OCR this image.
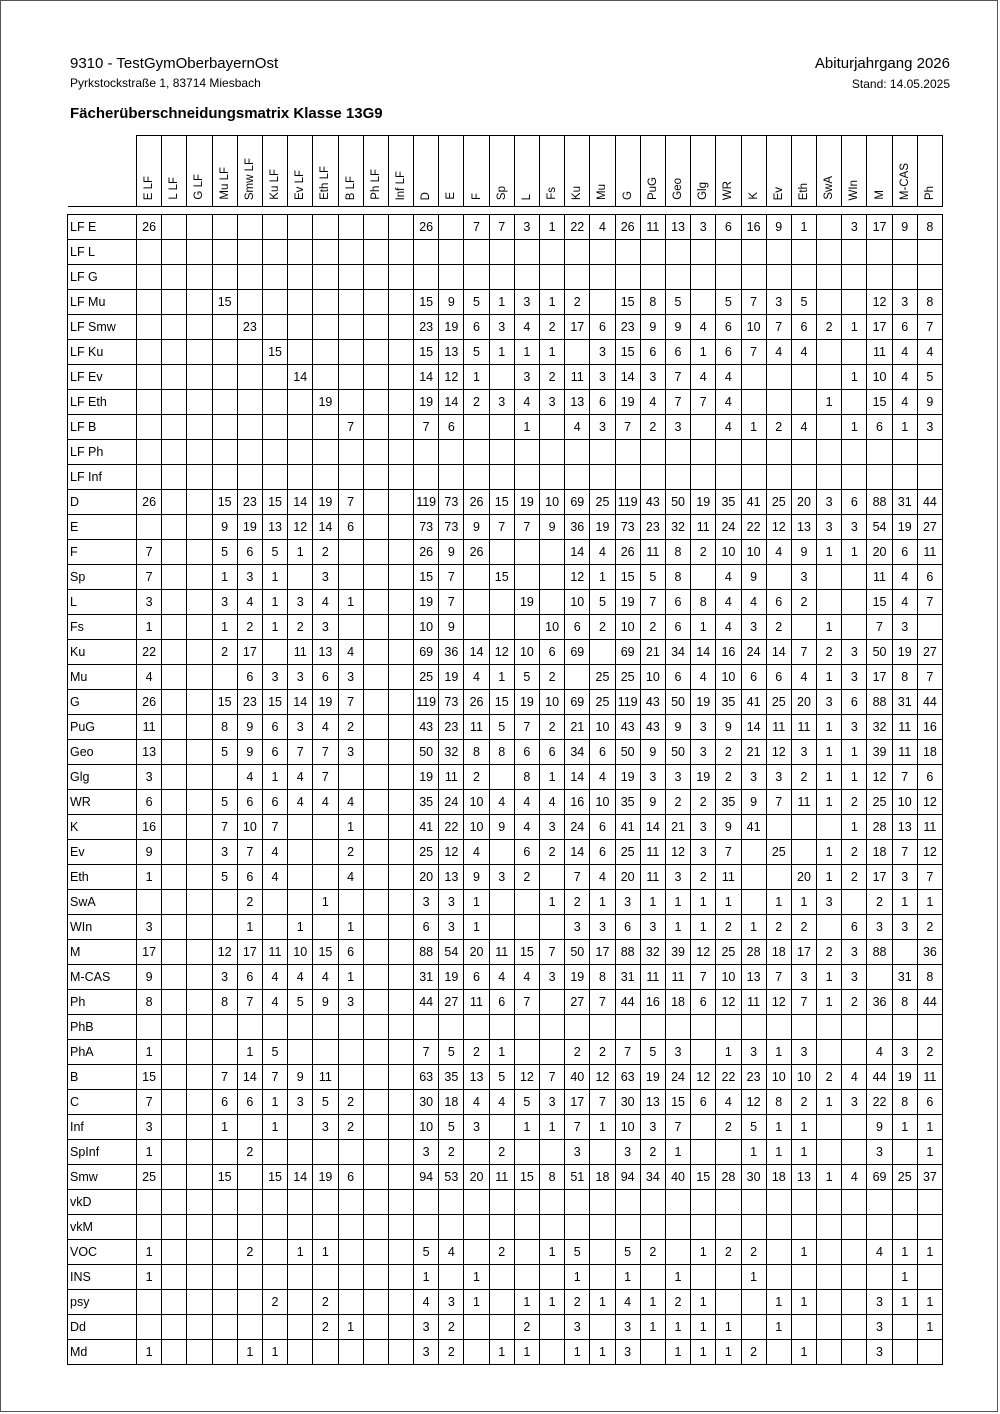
9310 - TestGymOberbayernOst
Pyrkstockstraße 1, 83714 Miesbach
Abiturjahrgang 2026
Stand: 14.05.2025
Fächerüberschneidungsmatrix Klasse 13G9
	E LF	L LF	G LF	Mu LF	Smw LF	Ku LF	Ev LF	Eth LF	B LF	Ph LF	Inf LF	D	E	F	Sp	L	Fs	Ku	Mu	G	PuG	Geo	Glg	WR	K	Ev	Eth	SwA	WIn	M	M-CAS	Ph

LF E	26											26		7	7	3	1	22	4	26	11	13	3	6	16	9	1		3	17	9	8
LF L																																
LF G																																
LF Mu				15								15	9	5	1	3	1	2		15	8	5		5	7	3	5			12	3	8
LF Smw					23							23	19	6	3	4	2	17	6	23	9	9	4	6	10	7	6	2	1	17	6	7
LF Ku						15						15	13	5	1	1	1		3	15	6	6	1	6	7	4	4			11	4	4
LF Ev							14					14	12	1		3	2	11	3	14	3	7	4	4					1	10	4	5
LF Eth								19				19	14	2	3	4	3	13	6	19	4	7	7	4				1		15	4	9
LF B									7			7	6			1		4	3	7	2	3		4	1	2	4		1	6	1	3
LF Ph																																
LF Inf																																
D	26			15	23	15	14	19	7			119	73	26	15	19	10	69	25	119	43	50	19	35	41	25	20	3	6	88	31	44
E				9	19	13	12	14	6			73	73	9	7	7	9	36	19	73	23	32	11	24	22	12	13	3	3	54	19	27
F	7			5	6	5	1	2				26	9	26				14	4	26	11	8	2	10	10	4	9	1	1	20	6	11
Sp	7			1	3	1		3				15	7		15			12	1	15	5	8		4	9		3			11	4	6
L	3			3	4	1	3	4	1			19	7			19		10	5	19	7	6	8	4	4	6	2			15	4	7
Fs	1			1	2	1	2	3				10	9				10	6	2	10	2	6	1	4	3	2		1		7	3	
Ku	22			2	17		11	13	4			69	36	14	12	10	6	69		69	21	34	14	16	24	14	7	2	3	50	19	27
Mu	4				6	3	3	6	3			25	19	4	1	5	2		25	25	10	6	4	10	6	6	4	1	3	17	8	7
G	26			15	23	15	14	19	7			119	73	26	15	19	10	69	25	119	43	50	19	35	41	25	20	3	6	88	31	44
PuG	11			8	9	6	3	4	2			43	23	11	5	7	2	21	10	43	43	9	3	9	14	11	11	1	3	32	11	16
Geo	13			5	9	6	7	7	3			50	32	8	8	6	6	34	6	50	9	50	3	2	21	12	3	1	1	39	11	18
Glg	3				4	1	4	7				19	11	2		8	1	14	4	19	3	3	19	2	3	3	2	1	1	12	7	6
WR	6			5	6	6	4	4	4			35	24	10	4	4	4	16	10	35	9	2	2	35	9	7	11	1	2	25	10	12
K	16			7	10	7			1			41	22	10	9	4	3	24	6	41	14	21	3	9	41				1	28	13	11
Ev	9			3	7	4			2			25	12	4		6	2	14	6	25	11	12	3	7		25		1	2	18	7	12
Eth	1			5	6	4			4			20	13	9	3	2		7	4	20	11	3	2	11			20	1	2	17	3	7
SwA					2			1				3	3	1			1	2	1	3	1	1	1	1		1	1	3		2	1	1
WIn	3				1		1		1			6	3	1				3	3	6	3	1	1	2	1	2	2		6	3	3	2
M	17			12	17	11	10	15	6			88	54	20	11	15	7	50	17	88	32	39	12	25	28	18	17	2	3	88		36
M-CAS	9			3	6	4	4	4	1			31	19	6	4	4	3	19	8	31	11	11	7	10	13	7	3	1	3		31	8
Ph	8			8	7	4	5	9	3			44	27	11	6	7		27	7	44	16	18	6	12	11	12	7	1	2	36	8	44
PhB																																
PhA	1				1	5						7	5	2	1			2	2	7	5	3		1	3	1	3			4	3	2
B	15			7	14	7	9	11				63	35	13	5	12	7	40	12	63	19	24	12	22	23	10	10	2	4	44	19	11
C	7			6	6	1	3	5	2			30	18	4	4	5	3	17	7	30	13	15	6	4	12	8	2	1	3	22	8	6
Inf	3			1		1		3	2			10	5	3		1	1	7	1	10	3	7		2	5	1	1			9	1	1
SpInf	1				2							3	2		2			3		3	2	1			1	1	1			3		1
Smw	25			15		15	14	19	6			94	53	20	11	15	8	51	18	94	34	40	15	28	30	18	13	1	4	69	25	37
vkD																																
vkM																																
VOC	1				2		1	1				5	4		2		1	5		5	2		1	2	2		1			4	1	1
INS	1											1		1				1		1		1			1						1	
psy						2		2				4	3	1		1	1	2	1	4	1	2	1			1	1			3	1	1
Dd								2	1			3	2			2		3		3	1	1	1	1		1				3		1
Md	1				1	1						3	2		1	1		1	1	3		1	1	1	2		1			3		
